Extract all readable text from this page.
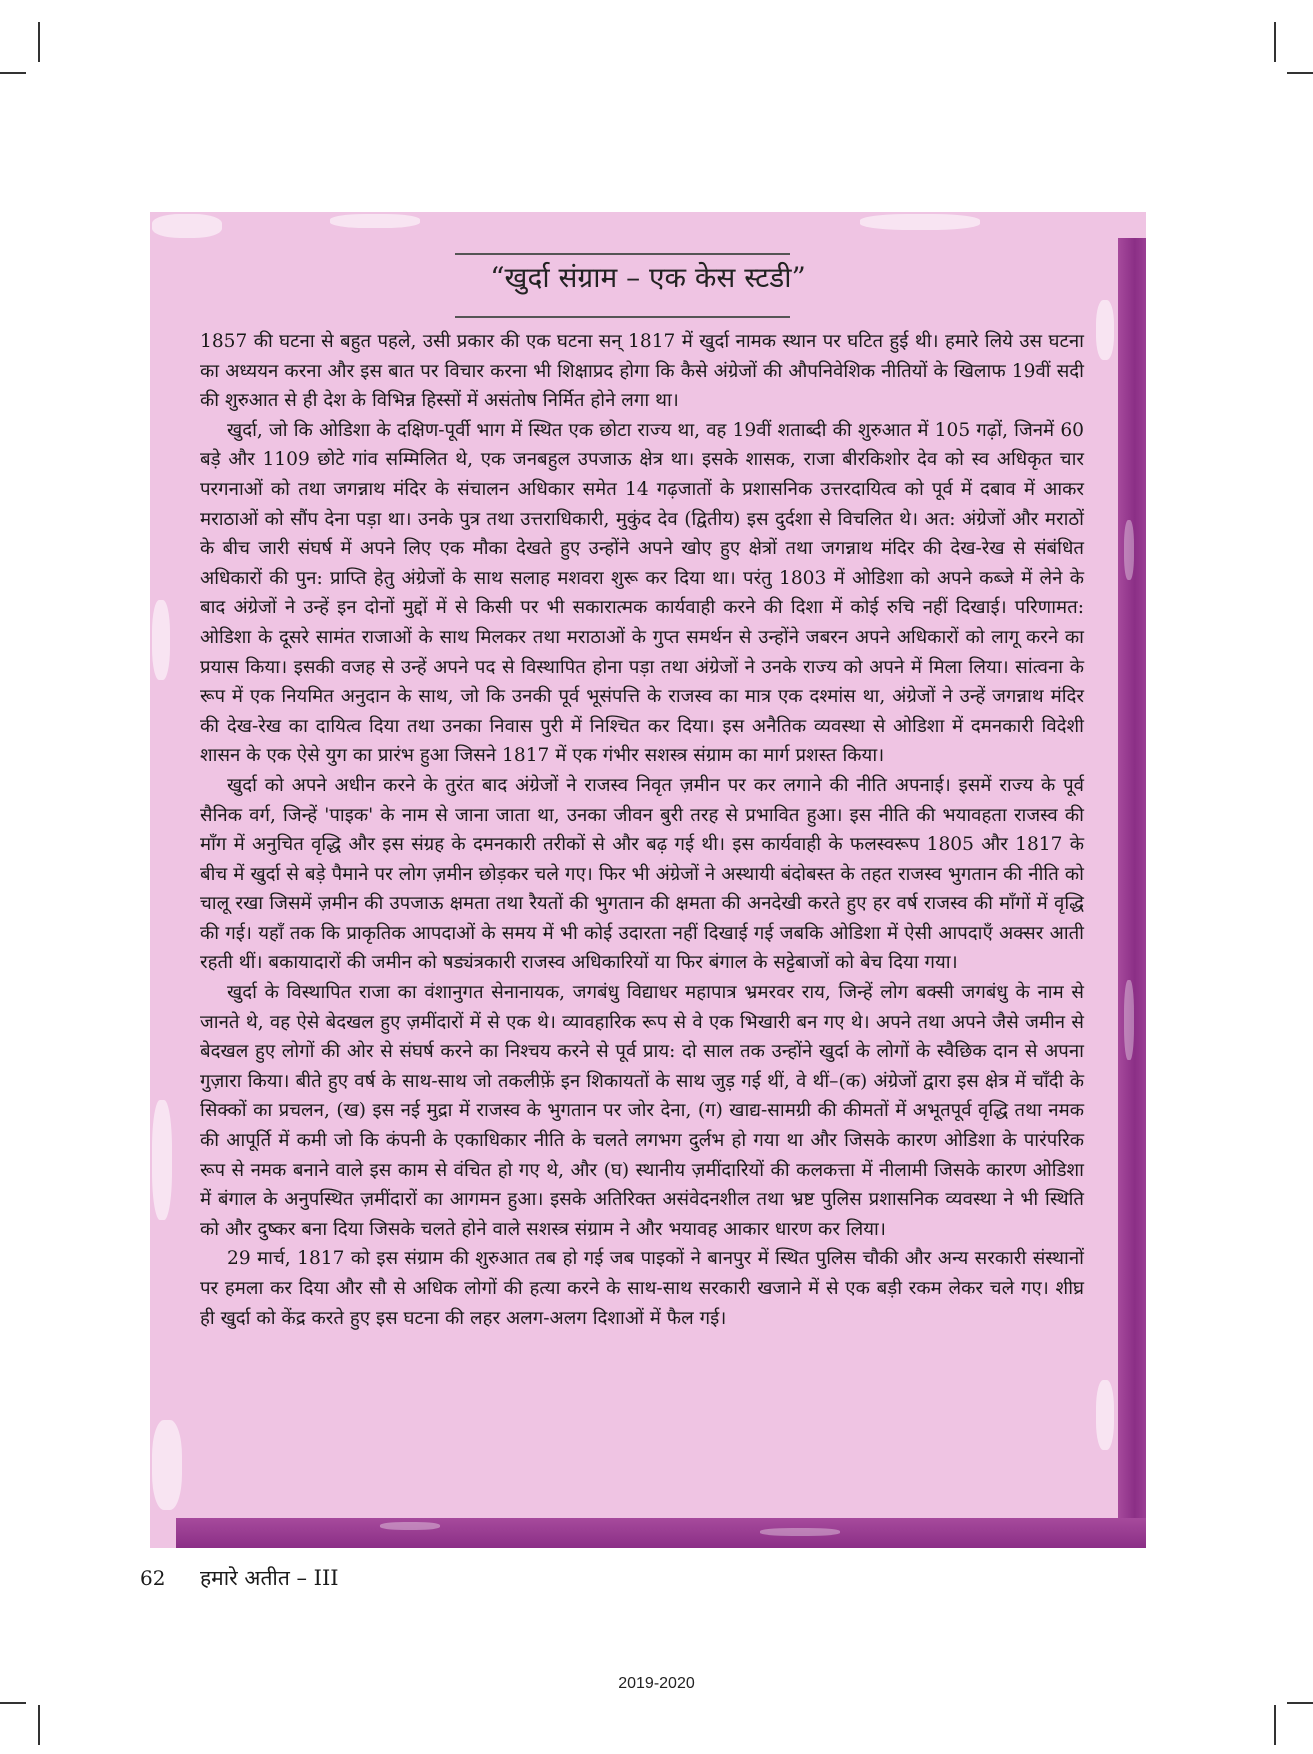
“खुर्दा संग्राम – एक केस स्टडी”

1857 की घटना से बहुत पहले, उसी प्रकार की एक घटना सन् 1817 में खुर्दा नामक स्थान पर घटित हुई थी। हमारे लिये उस घटना का अध्ययन करना और इस बात पर विचार करना भी शिक्षाप्रद होगा कि कैसे अंग्रेजों की औपनिवेशिक नीतियों के खिलाफ 19वीं सदी की शुरुआत से ही देश के विभिन्न हिस्सों में असंतोष निर्मित होने लगा था।

खुर्दा, जो कि ओडिशा के दक्षिण-पूर्वी भाग में स्थित एक छोटा राज्य था, वह 19वीं शताब्दी की शुरुआत में 105 गढ़ों, जिनमें 60 बड़े और 1109 छोटे गांव सम्मिलित थे, एक जनबहुल उपजाऊ क्षेत्र था। इसके शासक, राजा बीरकिशोर देव को स्व अधिकृत चार परगनाओं को तथा जगन्नाथ मंदिर के संचालन अधिकार समेत 14 गढ़जातों के प्रशासनिक उत्तरदायित्व को पूर्व में दबाव में आकर मराठाओं को सौंप देना पड़ा था। उनके पुत्र तथा उत्तराधिकारी, मुकुंद देव (द्वितीय) इस दुर्दशा से विचलित थे। अत: अंग्रेजों और मराठों के बीच जारी संघर्ष में अपने लिए एक मौका देखते हुए उन्होंने अपने खोए हुए क्षेत्रों तथा जगन्नाथ मंदिर की देख-रेख से संबंधित अधिकारों की पुन: प्राप्ति हेतु अंग्रेजों के साथ सलाह मशवरा शुरू कर दिया था। परंतु 1803 में ओडिशा को अपने कब्जे में लेने के बाद अंग्रेजों ने उन्हें इन दोनों मुद्दों में से किसी पर भी सकारात्मक कार्यवाही करने की दिशा में कोई रुचि नहीं दिखाई। परिणामत: ओडिशा के दूसरे सामंत राजाओं के साथ मिलकर तथा मराठाओं के गुप्त समर्थन से उन्होंने जबरन अपने अधिकारों को लागू करने का प्रयास किया। इसकी वजह से उन्हें अपने पद से विस्थापित होना पड़ा तथा अंग्रेजों ने उनके राज्य को अपने में मिला लिया। सांत्वना के रूप में एक नियमित अनुदान के साथ, जो कि उनकी पूर्व भूसंपत्ति के राजस्व का मात्र एक दश्मांस था, अंग्रेजों ने उन्हें जगन्नाथ मंदिर की देख-रेख का दायित्व दिया तथा उनका निवास पुरी में निश्चित कर दिया। इस अनैतिक व्यवस्था से ओडिशा में दमनकारी विदेशी शासन के एक ऐसे युग का प्रारंभ हुआ जिसने 1817 में एक गंभीर सशस्त्र संग्राम का मार्ग प्रशस्त किया।

खुर्दा को अपने अधीन करने के तुरंत बाद अंग्रेजों ने राजस्व निवृत ज़मीन पर कर लगाने की नीति अपनाई। इसमें राज्य के पूर्व सैनिक वर्ग, जिन्हें 'पाइक' के नाम से जाना जाता था, उनका जीवन बुरी तरह से प्रभावित हुआ। इस नीति की भयावहता राजस्व की माँग में अनुचित वृद्धि और इस संग्रह के दमनकारी तरीकों से और बढ़ गई थी। इस कार्यवाही के फलस्वरूप 1805 और 1817 के बीच में खुर्दा से बड़े पैमाने पर लोग ज़मीन छोड़कर चले गए। फिर भी अंग्रेजों ने अस्थायी बंदोबस्त के तहत राजस्व भुगतान की नीति को चालू रखा जिसमें ज़मीन की उपजाऊ क्षमता तथा रैयतों की भुगतान की क्षमता की अनदेखी करते हुए हर वर्ष राजस्व की माँगों में वृद्धि की गई। यहाँ तक कि प्राकृतिक आपदाओं के समय में भी कोई उदारता नहीं दिखाई गई जबकि ओडिशा में ऐसी आपदाएँ अक्सर आती रहती थीं। बकायादारों की जमीन को षड्यंत्रकारी राजस्व अधिकारियों या फिर बंगाल के सट्टेबाजों को बेच दिया गया।

खुर्दा के विस्थापित राजा का वंशानुगत सेनानायक, जगबंधु विद्याधर महापात्र भ्रमरवर राय, जिन्हें लोग बक्सी जगबंधु के नाम से जानते थे, वह ऐसे बेदखल हुए ज़मींदारों में से एक थे। व्यावहारिक रूप से वे एक भिखारी बन गए थे। अपने तथा अपने जैसे जमीन से बेदखल हुए लोगों की ओर से संघर्ष करने का निश्चय करने से पूर्व प्राय: दो साल तक उन्होंने खुर्दा के लोगों के स्वैछिक दान से अपना गुज़ारा किया। बीते हुए वर्ष के साथ-साथ जो तकलीफ़ें इन शिकायतों के साथ जुड़ गई थीं, वे थीं–(क) अंग्रेजों द्वारा इस क्षेत्र में चाँदी के सिक्कों का प्रचलन, (ख) इस नई मुद्रा में राजस्व के भुगतान पर जोर देना, (ग) खाद्य-सामग्री की कीमतों में अभूतपूर्व वृद्धि तथा नमक की आपूर्ति में कमी जो कि कंपनी के एकाधिकार नीति के चलते लगभग दुर्लभ हो गया था और जिसके कारण ओडिशा के पारंपरिक रूप से नमक बनाने वाले इस काम से वंचित हो गए थे, और (घ) स्थानीय ज़मींदारियों की कलकत्ता में नीलामी जिसके कारण ओडिशा में बंगाल के अनुपस्थित ज़मींदारों का आगमन हुआ। इसके अतिरिक्त असंवेदनशील तथा भ्रष्ट पुलिस प्रशासनिक व्यवस्था ने भी स्थिति को और दुष्कर बना दिया जिसके चलते होने वाले सशस्त्र संग्राम ने और भयावह आकार धारण कर लिया।

29 मार्च, 1817 को इस संग्राम की शुरुआत तब हो गई जब पाइकों ने बानपुर में स्थित पुलिस चौकी और अन्य सरकारी संस्थानों पर हमला कर दिया और सौ से अधिक लोगों की हत्या करने के साथ-साथ सरकारी खजाने में से एक बड़ी रकम लेकर चले गए। शीघ्र ही खुर्दा को केंद्र करते हुए इस घटना की लहर अलग-अलग दिशाओं में फैल गई।

62 हमारे अतीत – III
2019-2020
